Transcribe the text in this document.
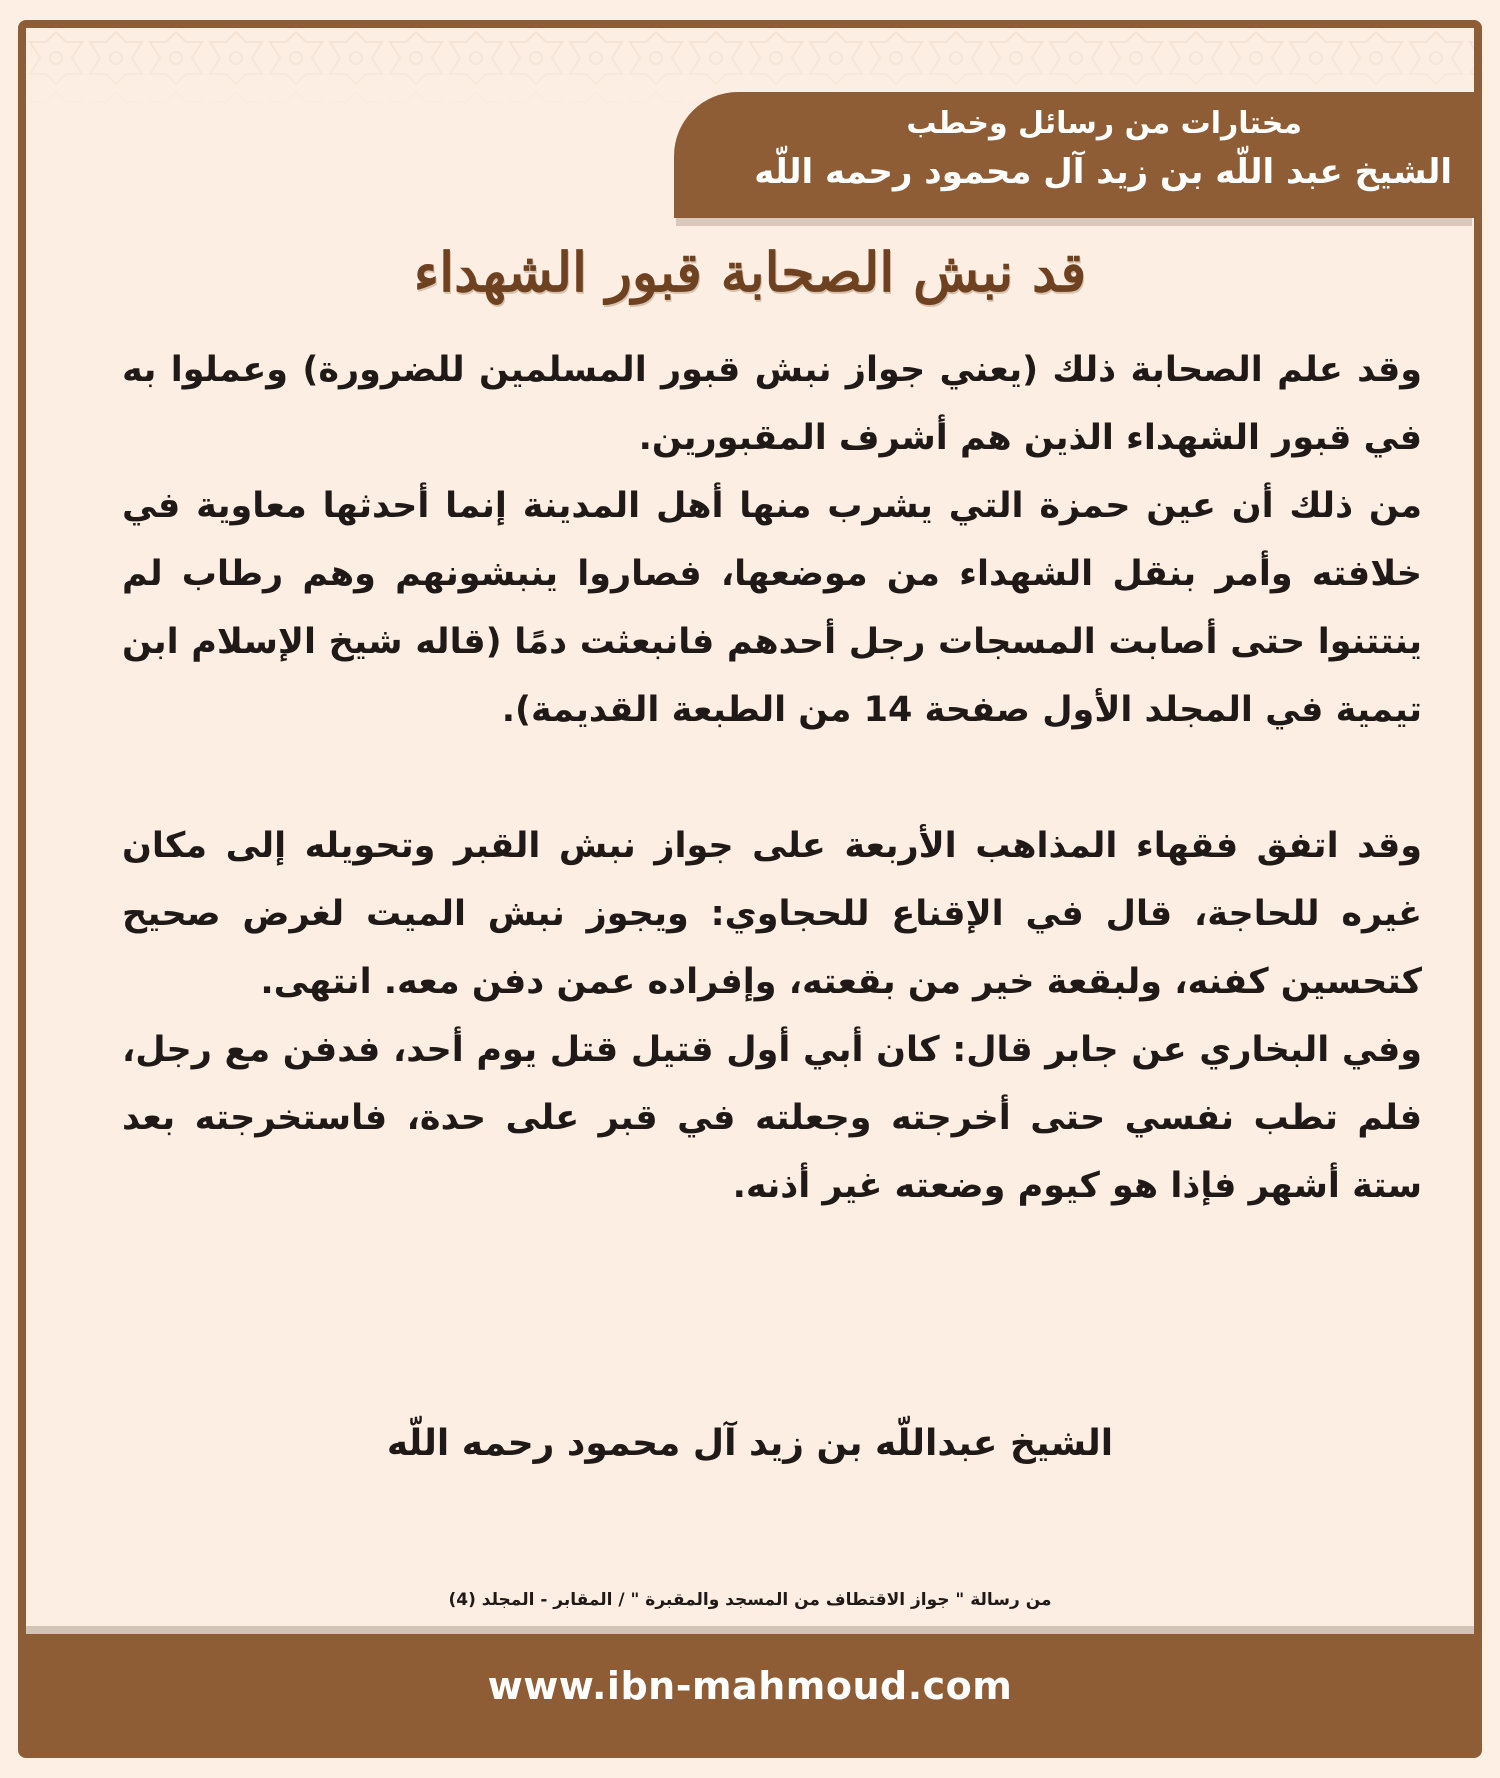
مختارات من رسائل وخطب
الشيخ عبد اللّه بن زيد آل محمود رحمه اللّه
قد نبش الصحابة قبور الشهداء

وقد علم الصحابة ذلك (يعني جواز نبش قبور المسلمين للضرورة) وعملوا به في قبور الشهداء الذين هم أشرف المقبورين.

من ذلك أن عين حمزة التي يشرب منها أهل المدينة إنما أحدثها معاوية في خلافته وأمر بنقل الشهداء من موضعها، فصاروا ينبشونهم وهم رطاب لم ينتتنوا حتى أصابت المسجات رجل أحدهم فانبعثت دمًا (قاله شيخ الإسلام ابن تيمية في المجلد الأول صفحة 14 من الطبعة القديمة).

وقد اتفق فقهاء المذاهب الأربعة على جواز نبش القبر وتحويله إلى مكان غيره للحاجة، قال في الإقناع للحجاوي: ويجوز نبش الميت لغرض صحيح كتحسين كفنه، ولبقعة خير من بقعته، وإفراده عمن دفن معه. انتهى.

وفي البخاري عن جابر قال: كان أبي أول قتيل قتل يوم أحد، فدفن مع رجل، فلم تطب نفسي حتى أخرجته وجعلته في قبر على حدة، فاستخرجته بعد ستة أشهر فإذا هو كيوم وضعته غير أذنه.

الشيخ عبداللّه بن زيد آل محمود رحمه اللّه
من رسالة " جواز الاقتطاف من المسجد والمقبرة " / المقابر - المجلد (4)
www.ibn-mahmoud.com
